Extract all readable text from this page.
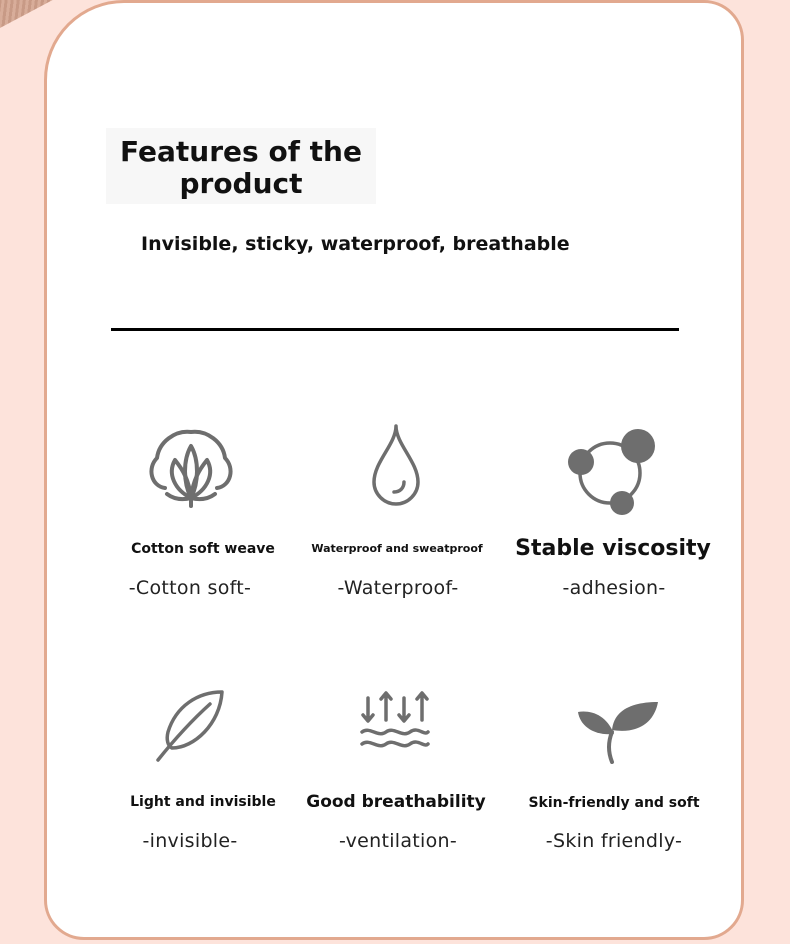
Features of the
product
Invisible, sticky, waterproof, breathable
Cotton soft weave
-Cotton soft-
Waterproof and sweatproof
-Waterproof-
Stable viscosity
-adhesion-
Light and invisible
-invisible-
Good breathability
-ventilation-
Skin-friendly and soft
-Skin friendly-
